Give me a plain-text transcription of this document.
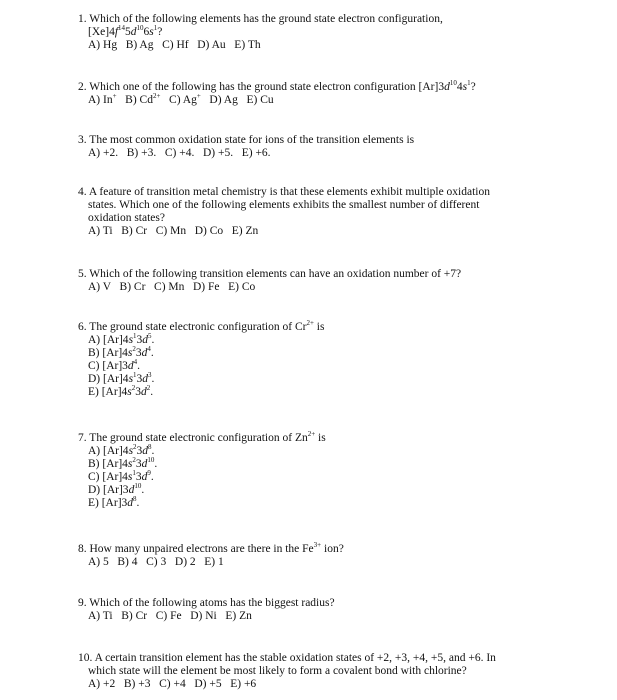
1. Which of the following elements has the ground state electron configuration,
$[Xe]4f^{14}5d^{10}6s^1$?
A) Hg   B) Ag   C) Hf   D) Au   E) Th
2. Which one of the following has the ground state electron configuration $[Ar]3d^{10}4s^1$?
A) In+   B) $Cd^{2+}$   C) Ag+   D) Ag   E) Cu
3. The most common oxidation state for ions of the transition elements is
A) +2.   B) +3.   C) +4.   D) +5.   E) +6.
4. A feature of transition metal chemistry is that these elements exhibit multiple oxidation
states. Which one of the following elements exhibits the smallest number of different
oxidation states?
A) Ti   B) Cr   C) Mn   D) Co   E) Zn
5. Which of the following transition elements can have an oxidation number of +7?
A) V   B) Cr   C) Mn   D) Fe   E) Co
6. The ground state electronic configuration of $Cr^{2+}$ is
A) $[Ar]4s^13d^5$.
B) $[Ar]4s^23d^4$.
C) $[Ar]3d^4$.
D) $[Ar]4s^13d^3$.
E) $[Ar]4s^23d^2$.
7. The ground state electronic configuration of $Zn^{2+}$ is
A) $[Ar]4s^23d^8$.
B) $[Ar]4s^23d^{10}$.
C) $[Ar]4s^13d^9$.
D) $[Ar]3d^{10}$.
E) $[Ar]3d^8$.
8. How many unpaired electrons are there in the $Fe^{3+}$ ion?
A) 5   B) 4   C) 3   D) 2   E) 1
9. Which of the following atoms has the biggest radius?
A) Ti   B) Cr   C) Fe   D) Ni   E) Zn
10. A certain transition element has the stable oxidation states of +2, +3, +4, +5, and +6. In
which state will the element be most likely to form a covalent bond with chlorine?
A) +2   B) +3   C) +4   D) +5   E) +6
